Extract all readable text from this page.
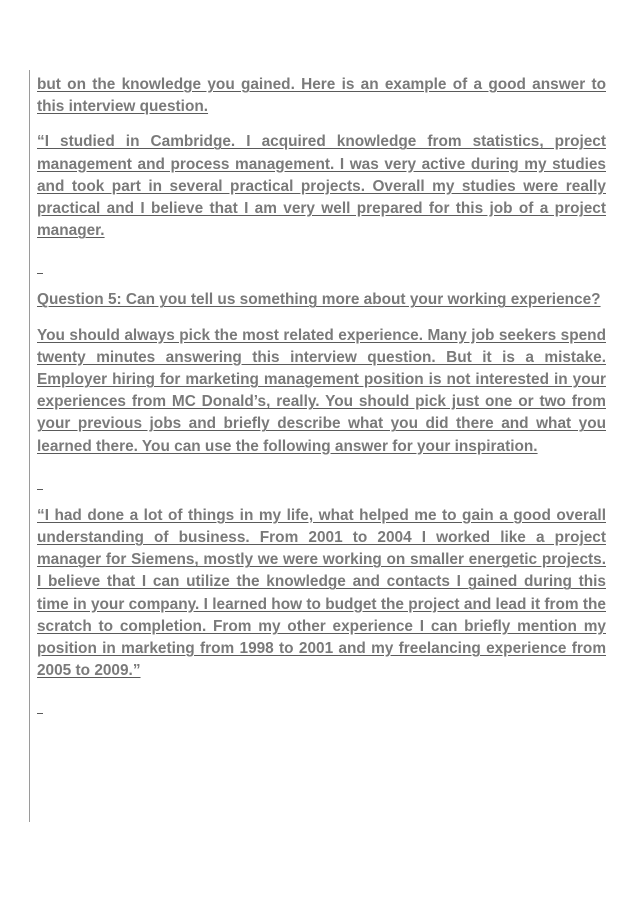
but on the knowledge you gained. Here is an example of a good answer to this interview question.

“I studied in Cambridge. I acquired knowledge from statistics, project management and process management. I was very active during my studies and took part in several practical projects. Overall my studies were really practical and I believe that I am very well prepared for this job of a project manager.

Question 5: Can you tell us something more about your working experience?

You should always pick the most related experience. Many job seekers spend twenty minutes answering this interview question. But it is a mistake. Employer hiring for marketing management position is not interested in your experiences from MC Donald’s, really. You should pick just one or two from your previous jobs and briefly describe what you did there and what you learned there. You can use the following answer for your inspiration.

“I had done a lot of things in my life, what helped me to gain a good overall understanding of business. From 2001 to 2004 I worked like a project manager for Siemens, mostly we were working on smaller energetic projects. I believe that I can utilize the knowledge and contacts I gained during this time in your company. I learned how to budget the project and lead it from the scratch to completion. From my other experience I can briefly mention my position in marketing from 1998 to 2001 and my freelancing experience from 2005 to 2009.”
